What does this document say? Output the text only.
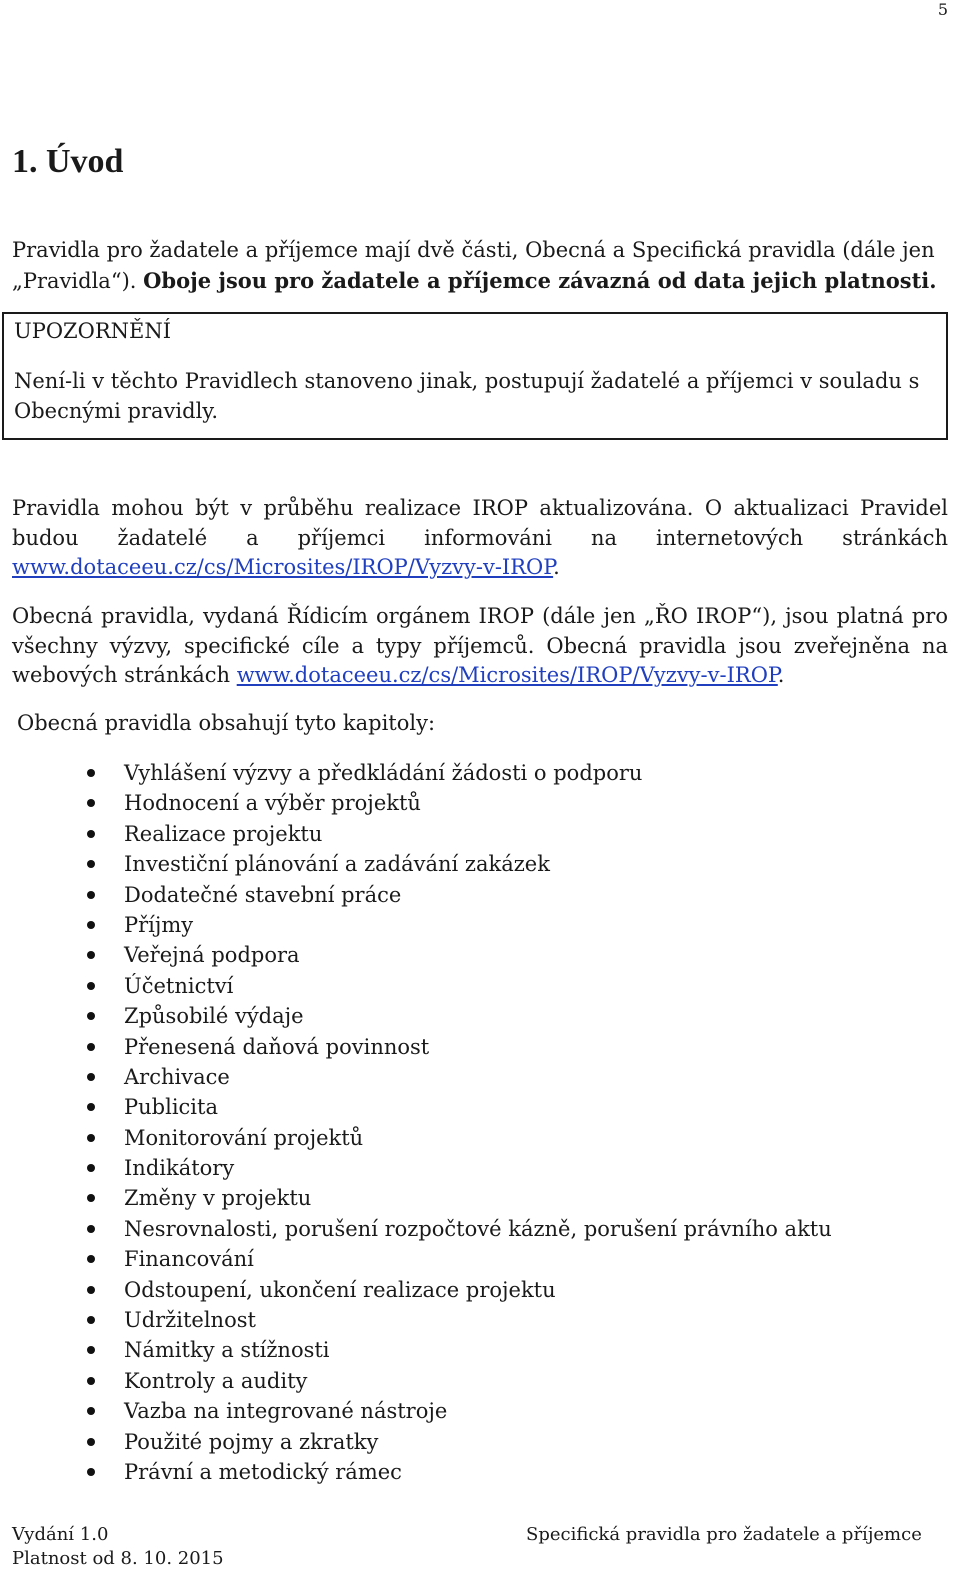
5
1. Úvod

Pravidla pro žadatele a příjemce mají dvě části, Obecná a Specifická pravidla (dále jen „Pravidla“). Oboje jsou pro žadatele a příjemce závazná od data jejich platnosti.

UPOZORNĚNÍ

Není-li v těchto Pravidlech stanoveno jinak, postupují žadatelé a příjemci v souladu s Obecnými pravidly.

Pravidla mohou být v průběhu realizace IROP aktualizována. O aktualizaci Pravidel budou žadatelé a příjemci informováni na internetových stránkách www.dotaceeu.cz/cs/Microsites/IROP/Vyzvy-v-IROP.

Obecná pravidla, vydaná Řídicím orgánem IROP (dále jen „ŘO IROP“), jsou platná pro všechny výzvy, specifické cíle a typy příjemců. Obecná pravidla jsou zveřejněna na webových stránkách www.dotaceeu.cz/cs/Microsites/IROP/Vyzvy-v-IROP.

Obecná pravidla obsahují tyto kapitoly:

Vyhlášení výzvy a předkládání žádosti o podporu
Hodnocení a výběr projektů
Realizace projektu
Investiční plánování a zadávání zakázek
Dodatečné stavební práce
Příjmy
Veřejná podpora
Účetnictví
Způsobilé výdaje
Přenesená daňová povinnost
Archivace
Publicita
Monitorování projektů
Indikátory
Změny v projektu
Nesrovnalosti, porušení rozpočtové kázně, porušení právního aktu
Financování
Odstoupení, ukončení realizace projektu
Udržitelnost
Námitky a stížnosti
Kontroly a audity
Vazba na integrované nástroje
Použité pojmy a zkratky
Právní a metodický rámec
Vydání 1.0
Platnost od 8. 10. 2015
Specifická pravidla pro žadatele a příjemce
